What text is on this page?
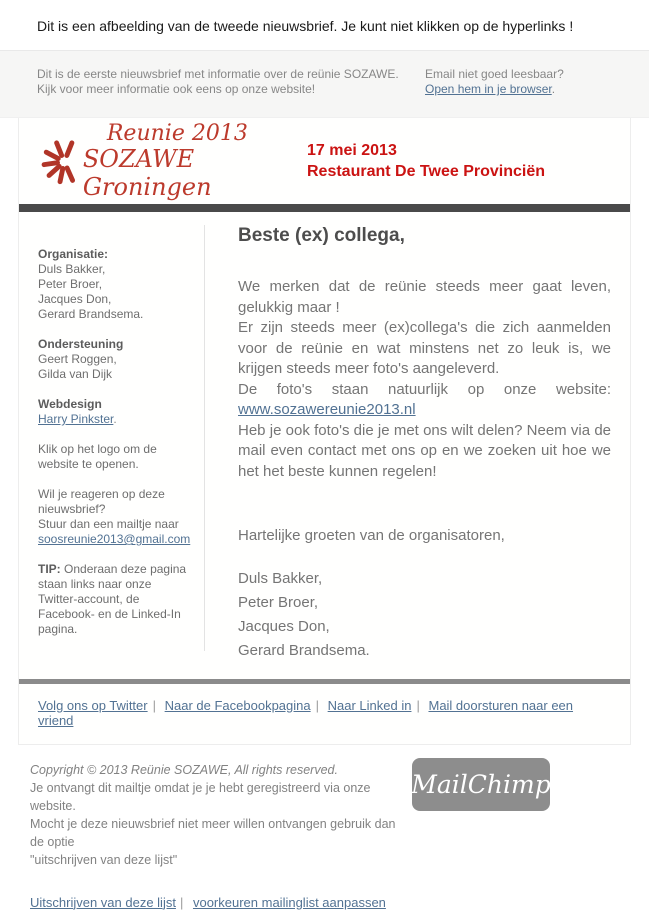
Dit is een afbeelding van de tweede nieuwsbrief. Je kunt niet klikken op de hyperlinks !
Dit is de eerste nieuwsbrief met informatie over de reünie SOZAWE.
Kijk voor meer informatie ook eens op onze website!
Email niet goed leesbaar?
Open hem in je browser.
Reunie 2013
SOZAWE Groningen
17 mei 2013
Restaurant De Twee Provinciën
Organisatie:
Duls Bakker,
Peter Broer,
Jacques Don,
Gerard Brandsema.
Ondersteuning
Geert Roggen,
Gilda van Dijk
Webdesign
Harry Pinkster.
Klik op het logo om de website te openen.
Wil je reageren op deze nieuwsbrief?
Stuur dan een mailtje naar
soosreunie2013@gmail.com
TIP: Onderaan deze pagina staan links naar onze Twitter-account, de Facebook- en de Linked-In pagina.
Beste (ex) collega,
We merken dat de reünie steeds meer gaat leven, gelukkig maar !
Er zijn steeds meer (ex)collega's die zich aanmelden voor de reünie en wat minstens net zo leuk is, we krijgen steeds meer foto's aangeleverd.
De foto's staan natuurlijk op onze website: www.sozawereunie2013.nl
Heb je ook foto's die je met ons wilt delen? Neem via de mail even contact met ons op en we zoeken uit hoe we het het beste kunnen regelen!
Hartelijke groeten van de organisatoren,
Duls Bakker,
Peter Broer,
Jacques Don,
Gerard Brandsema.
Volg ons op Twitter | Naar de Facebookpagina | Naar Linked in | Mail doorsturen naar een vriend
Copyright © 2013 Reünie SOZAWE, All rights reserved.
Je ontvangt dit mailtje omdat je je hebt geregistreerd via onze website.
Mocht je deze nieuwsbrief niet meer willen ontvangen gebruik dan de optie
"uitschrijven van deze lijst"
MailChimp
Uitschrijven van deze lijst | voorkeuren mailinglist aanpassen
